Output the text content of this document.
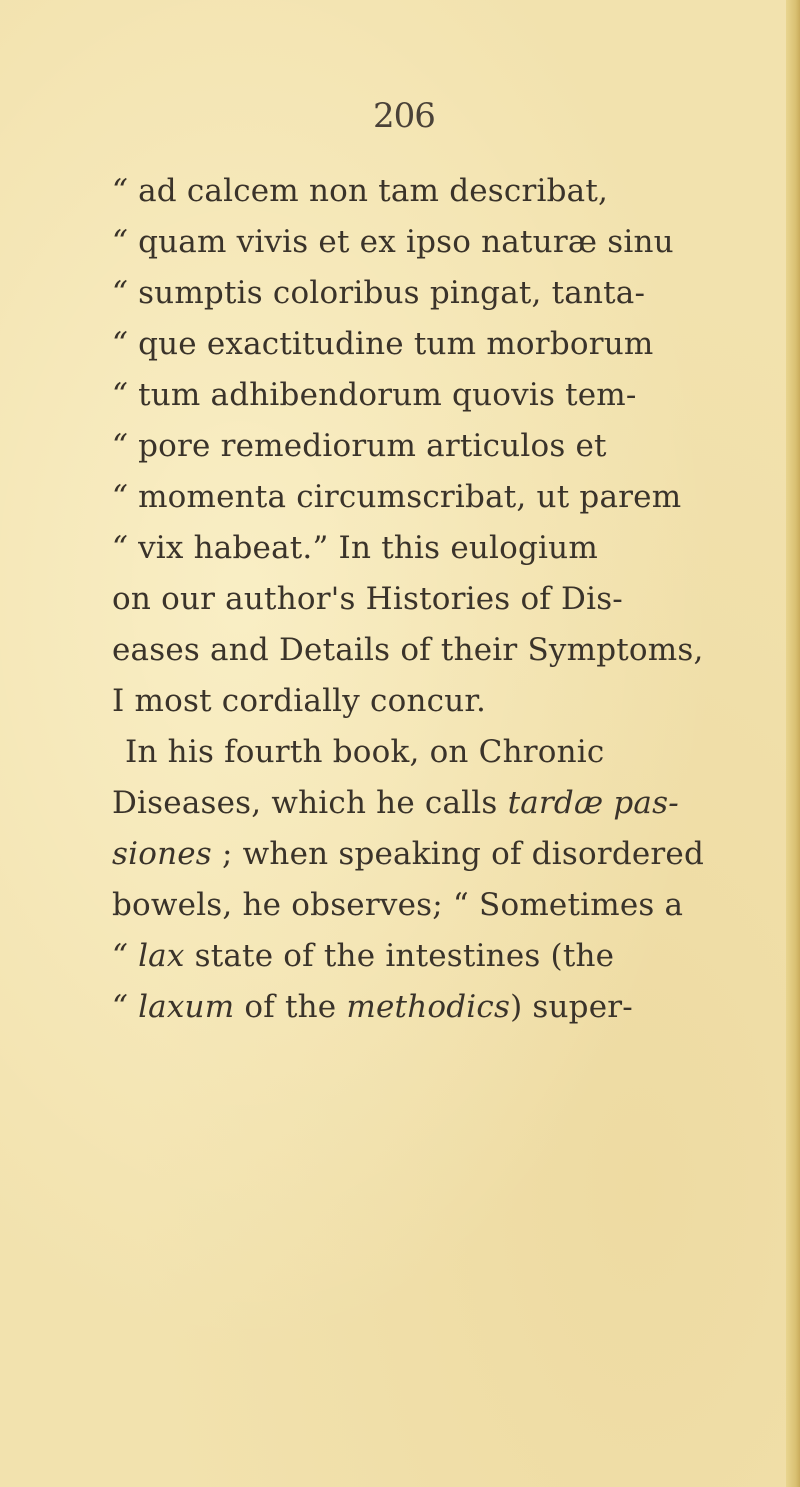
206
“ ad calcem non tam describat,
“ quam vivis et ex ipso naturæ sinu
“ sumptis coloribus pingat, tanta-
“ que exactitudine tum morborum
“ tum adhibendorum quovis tem-
“ pore remediorum articulos et
“ momenta circumscribat, ut parem
“ vix habeat.” In this eulogium
on our author's Histories of Dis-
eases and Details of their Symptoms,
I most cordially concur.
In his fourth book, on Chronic
Diseases, which he calls tardæ pas-
siones ; when speaking of disordered
bowels, he observes; “ Sometimes a
“ lax state of the intestines (the
“ laxum of the methodics) super-
